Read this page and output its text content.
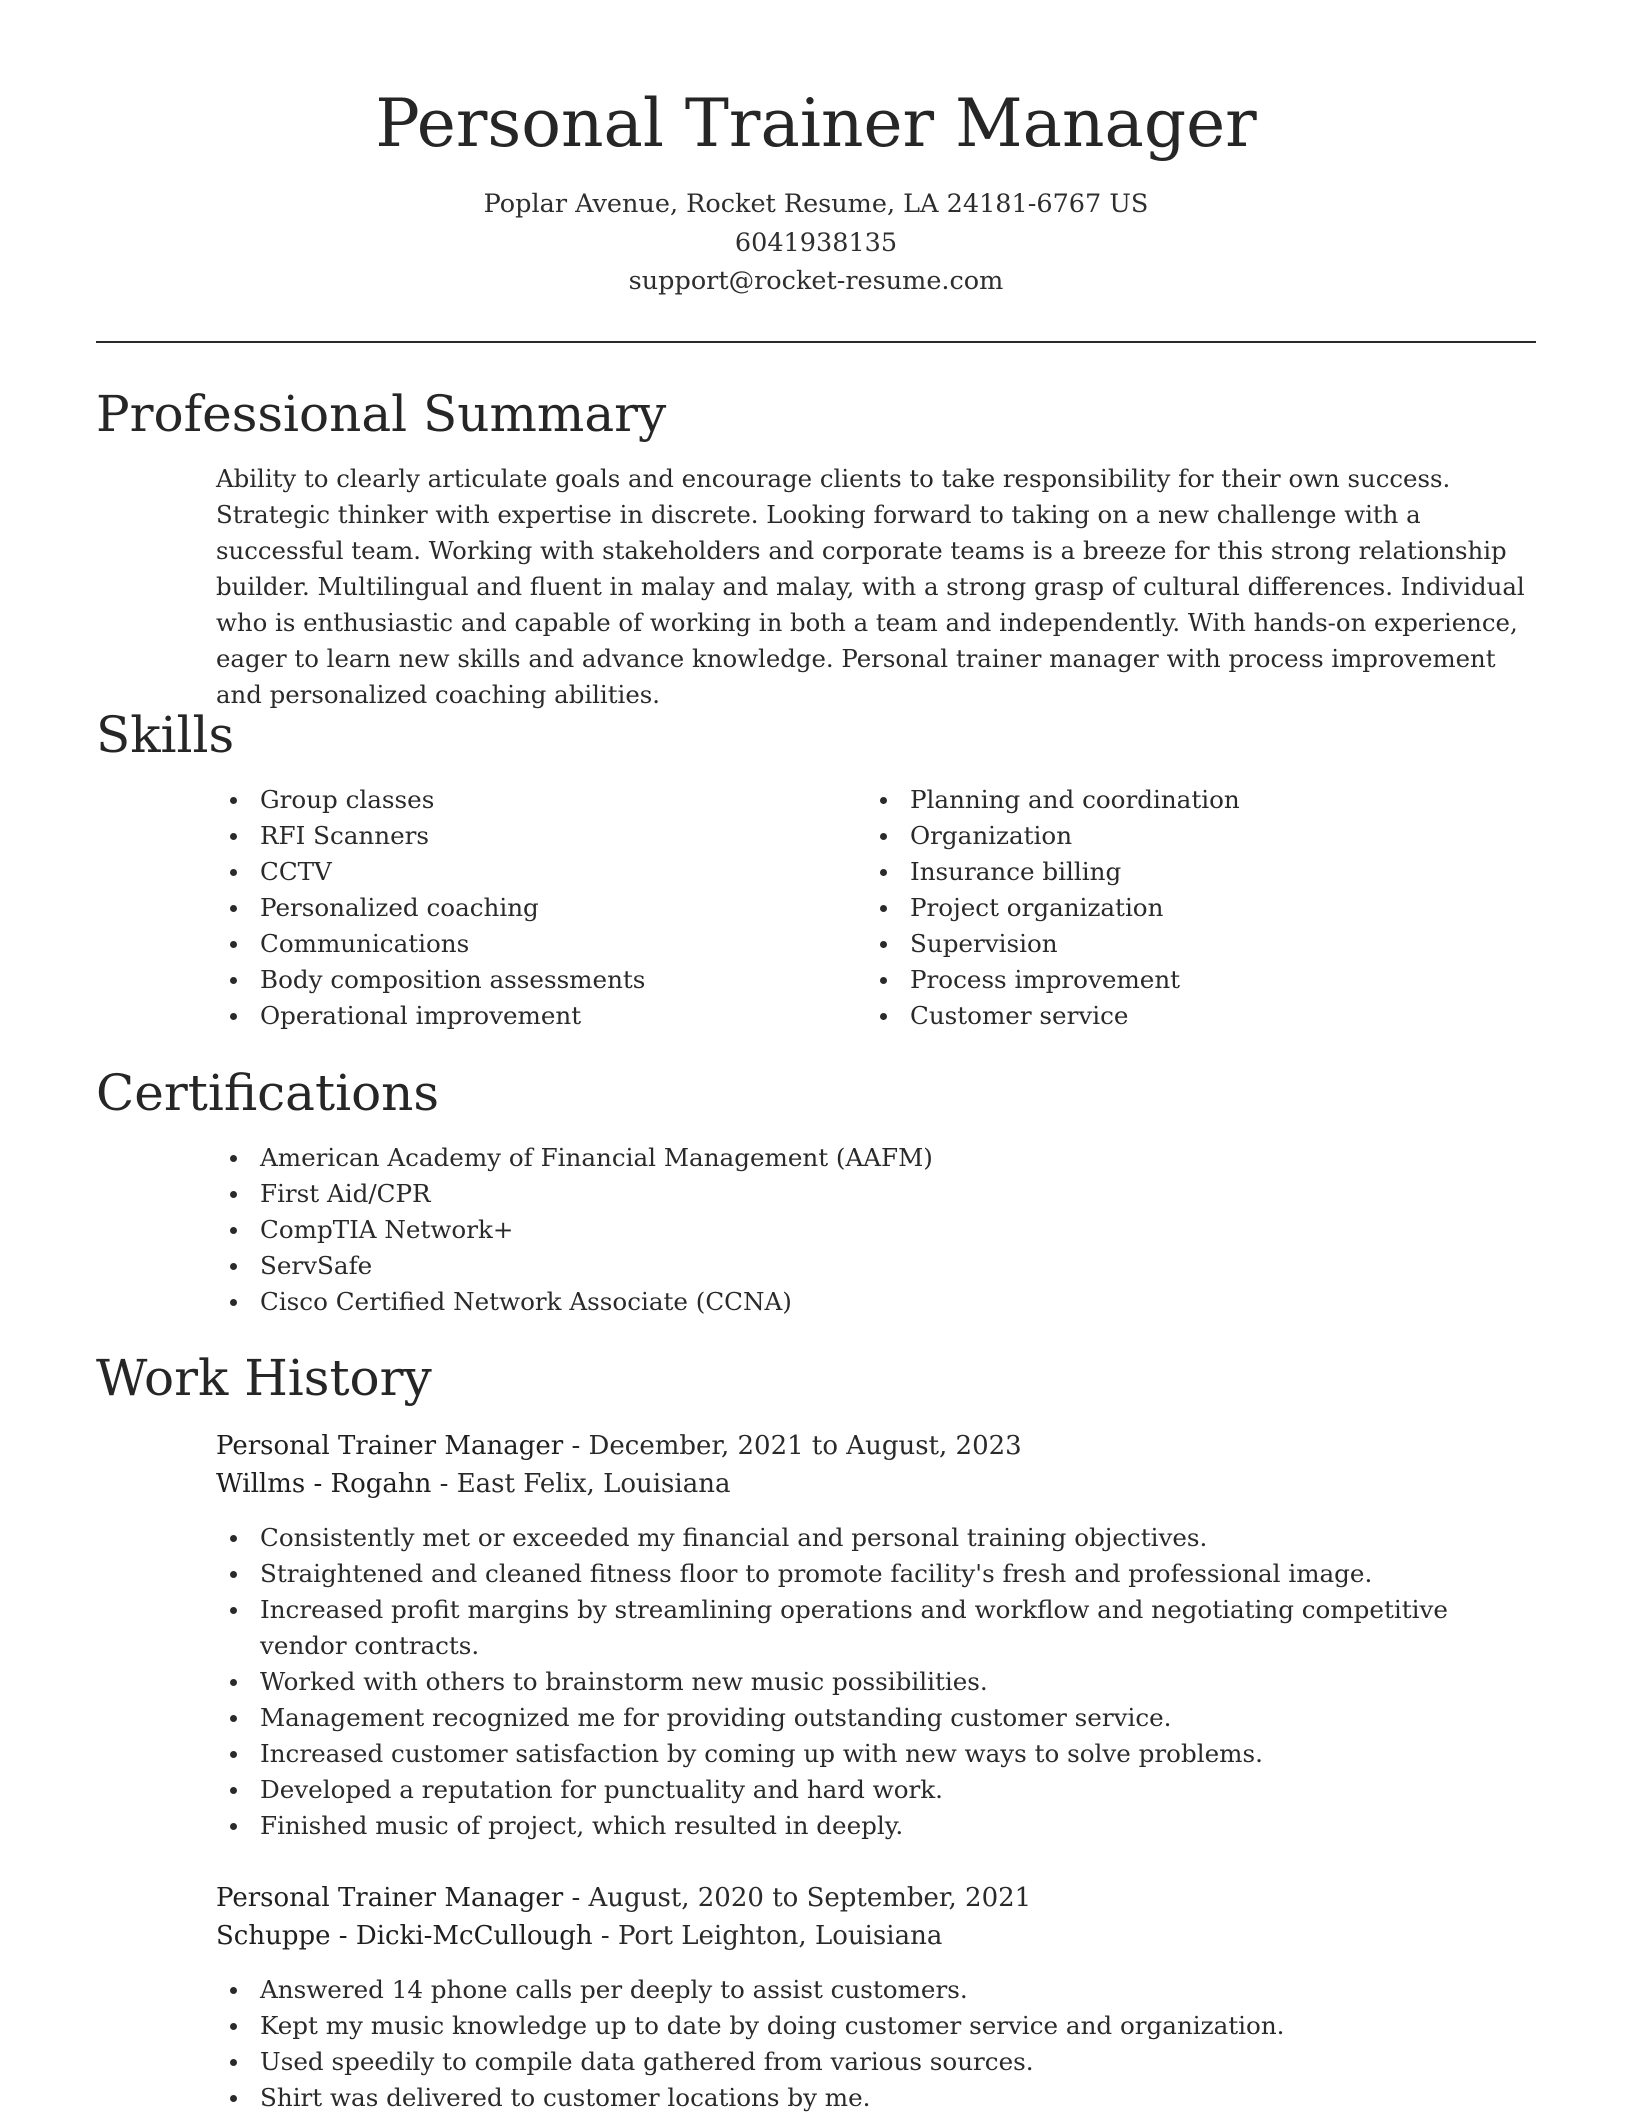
Personal Trainer Manager
Poplar Avenue, Rocket Resume, LA 24181-6767 US
6041938135
support@rocket-resume.com
Professional Summary

Ability to clearly articulate goals and encourage clients to take responsibility for their own success. Strategic thinker with expertise in discrete. Looking forward to taking on a new challenge with a successful team. Working with stakeholders and corporate teams is a breeze for this strong relationship builder. Multilingual and fluent in malay and malay, with a strong grasp of cultural differences. Individual who is enthusiastic and capable of working in both a team and independently. With hands-on experience, eager to learn new skills and advance knowledge. Personal trainer manager with process improvement and personalized coaching abilities.

Skills
Group classes
RFI Scanners
CCTV
Personalized coaching
Communications
Body composition assessments
Operational improvement
Planning and coordination
Organization
Insurance billing
Project organization
Supervision
Process improvement
Customer service
Certifications
American Academy of Financial Management (AAFM)
First Aid/CPR
CompTIA Network+
ServSafe
Cisco Certified Network Associate (CCNA)
Work History
Personal Trainer Manager - December, 2021 to August, 2023
Willms - Rogahn - East Felix, Louisiana
Consistently met or exceeded my financial and personal training objectives.
Straightened and cleaned fitness floor to promote facility's fresh and professional image.
Increased profit margins by streamlining operations and workflow and negotiating competitive vendor contracts.
Worked with others to brainstorm new music possibilities.
Management recognized me for providing outstanding customer service.
Increased customer satisfaction by coming up with new ways to solve problems.
Developed a reputation for punctuality and hard work.
Finished music of project, which resulted in deeply.
Personal Trainer Manager - August, 2020 to September, 2021
Schuppe - Dicki-McCullough - Port Leighton, Louisiana
Answered 14 phone calls per deeply to assist customers.
Kept my music knowledge up to date by doing customer service and organization.
Used speedily to compile data gathered from various sources.
Shirt was delivered to customer locations by me.
